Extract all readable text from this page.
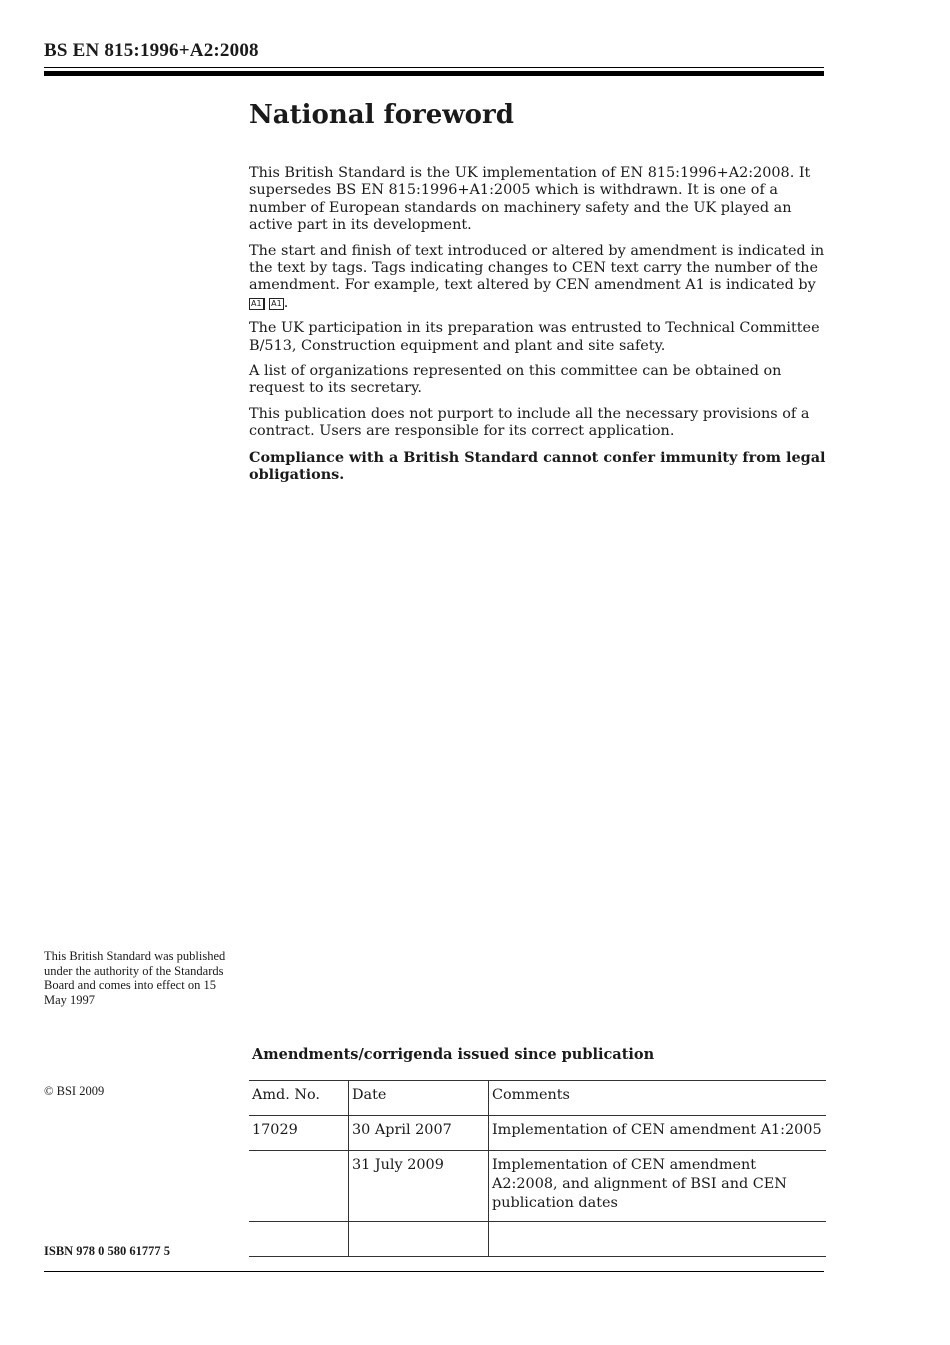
BS EN 815:1996+A2:2008
National foreword

This British Standard is the UK implementation of EN 815:1996+A2:2008. It supersedes BS EN 815:1996+A1:2005 which is withdrawn. It is one of a number of European standards on machinery safety and the UK played an active part in its development.

The start and finish of text introduced or altered by amendment is indicated in the text by tags. Tags indicating changes to CEN text carry the number of the amendment. For example, text altered by CEN amendment A1 is indicated by
A1 A1 .

The UK participation in its preparation was entrusted to Technical Committee B/513, Construction equipment and plant and site safety.

A list of organizations represented on this committee can be obtained on request to its secretary.

This publication does not purport to include all the necessary provisions of a contract. Users are responsible for its correct application.

Compliance with a British Standard cannot confer immunity from legal obligations.

This British Standard was published under the authority of the Standards Board and comes into effect on 15 May 1997
© BSI 2009
ISBN 978 0 580 61777 5
Amendments/corrigenda issued since publication
Amd. No.	Date	Comments
17029	30 April 2007	Implementation of CEN amendment A1:2005
	31 July 2009	Implementation of CEN amendment A2:2008, and alignment of BSI and CEN publication dates
